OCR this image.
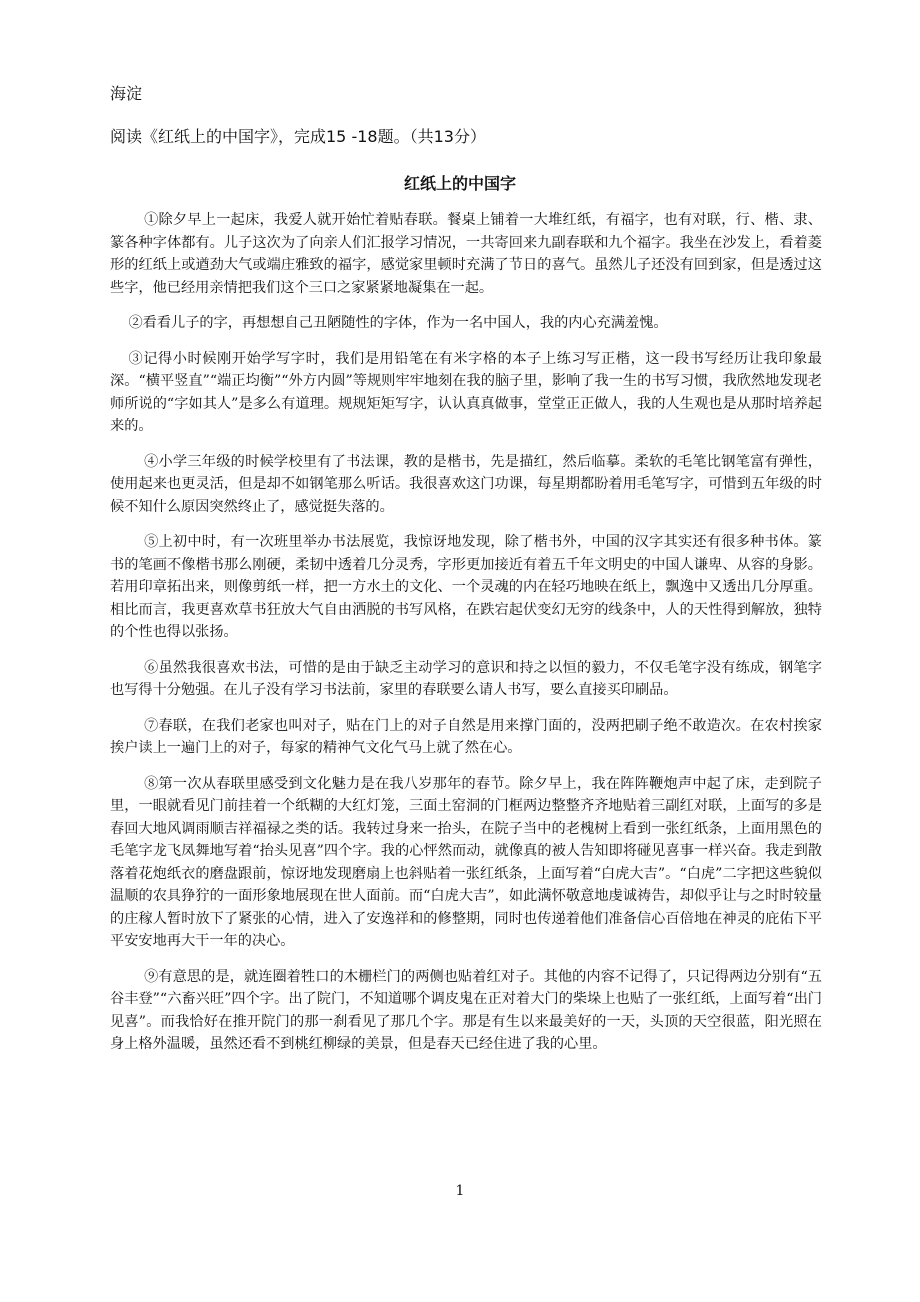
海淀
阅读《红纸上的中国字》，完成15 -18题。（共13分）
红纸上的中国字

①除夕早上一起床，我爱人就开始忙着贴春联。餐桌上铺着一大堆红纸，有福字，也有对联，行、楷、隶、篆各种字体都有。儿子这次为了向亲人们汇报学习情况，一共寄回来九副春联和九个福字。我坐在沙发上，看着菱形的红纸上或遒劲大气或端庄雅致的福字，感觉家里顿时充满了节日的喜气。虽然儿子还没有回到家，但是透过这些字，他已经用亲情把我们这个三口之家紧紧地凝集在一起。

②看看儿子的字，再想想自己丑陋随性的字体，作为一名中国人，我的内心充满羞愧。

③记得小时候刚开始学写字时，我们是用铅笔在有米字格的本子上练习写正楷，这一段书写经历让我印象最深。“横平竖直”“端正均衡”“外方内圆”等规则牢牢地刻在我的脑子里，影响了我一生的书写习惯，我欣然地发现老师所说的“字如其人”是多么有道理。规规矩矩写字，认认真真做事，堂堂正正做人，我的人生观也是从那时培养起来的。

④小学三年级的时候学校里有了书法课，教的是楷书，先是描红，然后临摹。柔软的毛笔比钢笔富有弹性，使用起来也更灵活，但是却不如钢笔那么听话。我很喜欢这门功课，每星期都盼着用毛笔写字，可惜到五年级的时候不知什么原因突然终止了，感觉挺失落的。

⑤上初中时，有一次班里举办书法展览，我惊讶地发现，除了楷书外，中国的汉字其实还有很多种书体。篆书的笔画不像楷书那么刚硬，柔韧中透着几分灵秀，字形更加接近有着五千年文明史的中国人谦卑、从容的身影。若用印章拓出来，则像剪纸一样，把一方水土的文化、一个灵魂的内在轻巧地映在纸上，飘逸中又透出几分厚重。相比而言，我更喜欢草书狂放大气自由洒脱的书写风格，在跌宕起伏变幻无穷的线条中，人的天性得到解放，独特的个性也得以张扬。

⑥虽然我很喜欢书法，可惜的是由于缺乏主动学习的意识和持之以恒的毅力，不仅毛笔字没有练成，钢笔字也写得十分勉强。在儿子没有学习书法前，家里的春联要么请人书写，要么直接买印刷品。

⑦春联，在我们老家也叫对子，贴在门上的对子自然是用来撑门面的，没两把刷子绝不敢造次。在农村挨家挨户读上一遍门上的对子，每家的精神气文化气马上就了然在心。

⑧第一次从春联里感受到文化魅力是在我八岁那年的春节。除夕早上，我在阵阵鞭炮声中起了床，走到院子里，一眼就看见门前挂着一个纸糊的大红灯笼，三面土窑洞的门框两边整整齐齐地贴着三副红对联，上面写的多是春回大地风调雨顺吉祥福禄之类的话。我转过身来一抬头，在院子当中的老槐树上看到一张红纸条，上面用黑色的毛笔字龙飞凤舞地写着“抬头见喜”四个字。我的心怦然而动，就像真的被人告知即将碰见喜事一样兴奋。我走到散落着花炮纸衣的磨盘跟前，惊讶地发现磨扇上也斜贴着一张红纸条，上面写着“白虎大吉”。“白虎”二字把这些貌似温顺的农具狰狞的一面形象地展现在世人面前。而“白虎大吉”，如此满怀敬意地虔诚祷告，却似乎让与之时时较量的庄稼人暂时放下了紧张的心情，进入了安逸祥和的修整期，同时也传递着他们准备信心百倍地在神灵的庇佑下平平安安地再大干一年的决心。

⑨有意思的是，就连圈着牲口的木栅栏门的两侧也贴着红对子。其他的内容不记得了，只记得两边分别有“五谷丰登”“六畜兴旺”四个字。出了院门，不知道哪个调皮鬼在正对着大门的柴垛上也贴了一张红纸，上面写着“出门见喜”。而我恰好在推开院门的那一刹看见了那几个字。那是有生以来最美好的一天，头顶的天空很蓝，阳光照在身上格外温暖，虽然还看不到桃红柳绿的美景，但是春天已经住进了我的心里。

1
